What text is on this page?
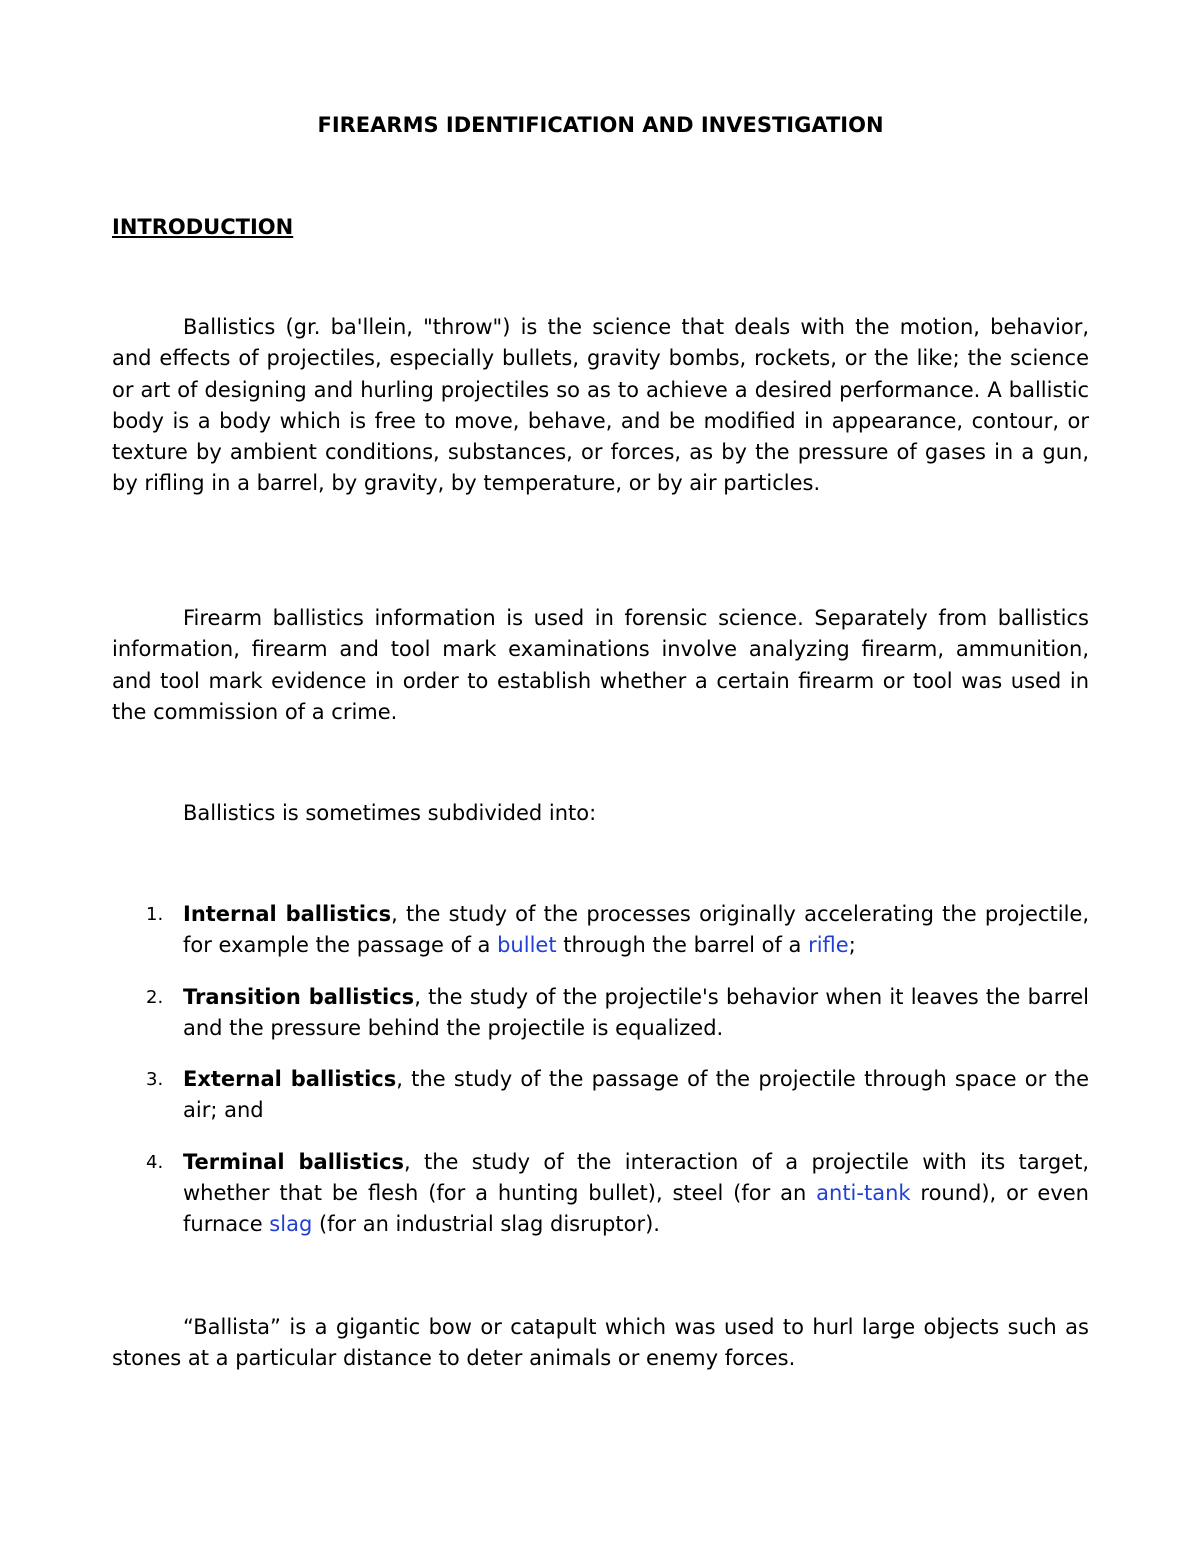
FIREARMS IDENTIFICATION AND INVESTIGATION
INTRODUCTION

Ballistics (gr. ba'llein, "throw") is the science that deals with the motion, behavior, and effects of projectiles, especially bullets, gravity bombs, rockets, or the like; the science or art of designing and hurling projectiles so as to achieve a desired performance. A ballistic body is a body which is free to move, behave, and be modified in appearance, contour, or texture by ambient conditions, substances, or forces, as by the pressure of gases in a gun, by rifling in a barrel, by gravity, by temperature, or by air particles.

Firearm ballistics information is used in forensic science. Separately from ballistics information, firearm and tool mark examinations involve analyzing firearm, ammunition, and tool mark evidence in order to establish whether a certain firearm or tool was used in the commission of a crime.

Ballistics is sometimes subdivided into:

1. Internal ballistics, the study of the processes originally accelerating the projectile, for example the passage of a bullet through the barrel of a rifle;
2. Transition ballistics, the study of the projectile's behavior when it leaves the barrel and the pressure behind the projectile is equalized.
3. External ballistics, the study of the passage of the projectile through space or the air; and
4. Terminal ballistics, the study of the interaction of a projectile with its target, whether that be flesh (for a hunting bullet), steel (for an anti-tank round), or even furnace slag (for an industrial slag disruptor).

“Ballista” is a gigantic bow or catapult which was used to hurl large objects such as stones at a particular distance to deter animals or enemy forces.
